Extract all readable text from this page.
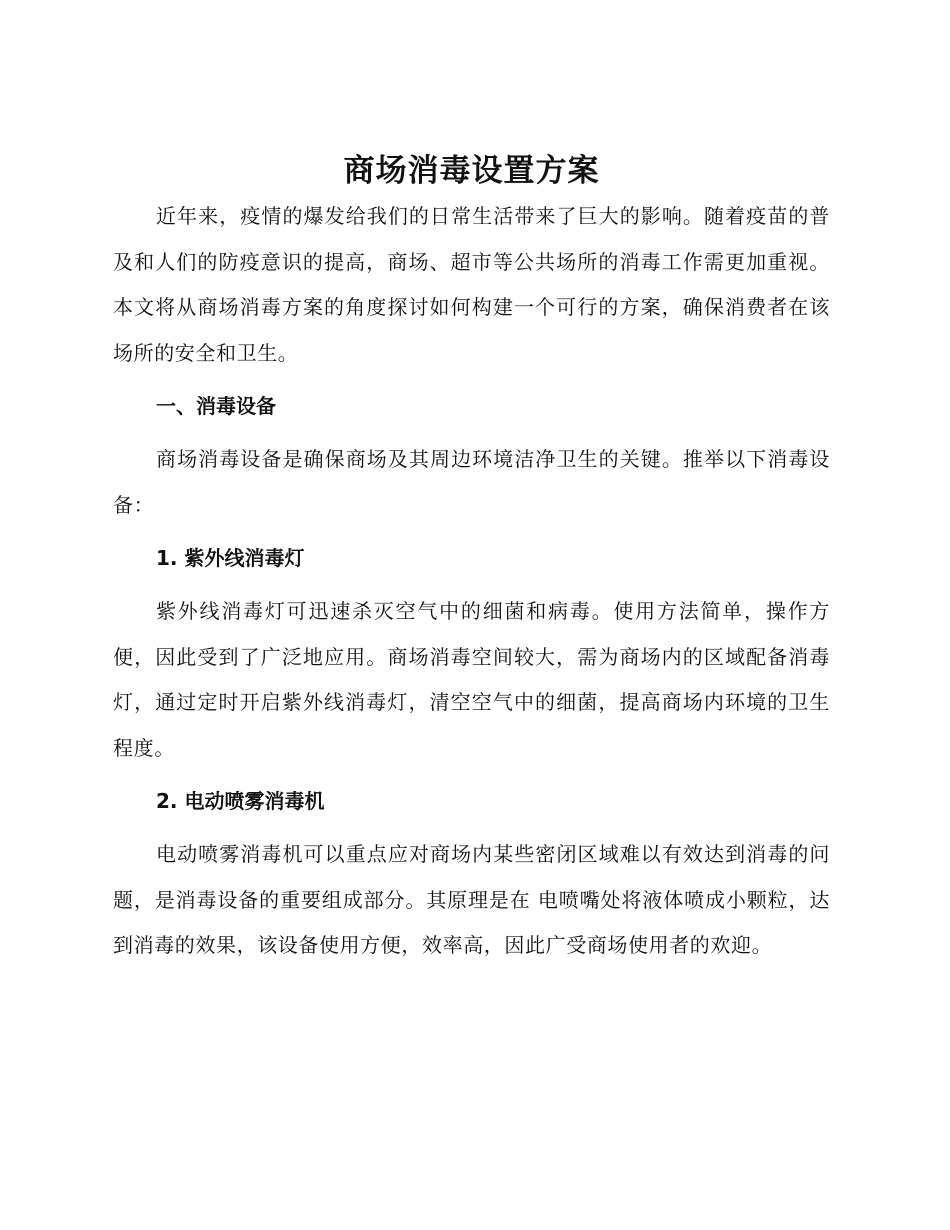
商场消毒设置方案

近年来，疫情的爆发给我们的日常生活带来了巨大的影响。随着疫苗的普及和人们的防疫意识的提高，商场、超市等公共场所的消毒工作需更加重视。本文将从商场消毒方案的角度探讨如何构建一个可行的方案，确保消费者在该场所的安全和卫生。

一、消毒设备

商场消毒设备是确保商场及其周边环境洁净卫生的关键。推举以下消毒设备：

1. 紫外线消毒灯

紫外线消毒灯可迅速杀灭空气中的细菌和病毒。使用方法简单，操作方便，因此受到了广泛地应用。商场消毒空间较大，需为商场内的区域配备消毒灯，通过定时开启紫外线消毒灯，清空空气中的细菌，提高商场内环境的卫生程度。

2. 电动喷雾消毒机

电动喷雾消毒机可以重点应对商场内某些密闭区域难以有效达到消毒的问题，是消毒设备的重要组成部分。其原理是在 电喷嘴处将液体喷成小颗粒，达到消毒的效果，该设备使用方便，效率高，因此广受商场使用者的欢迎。
